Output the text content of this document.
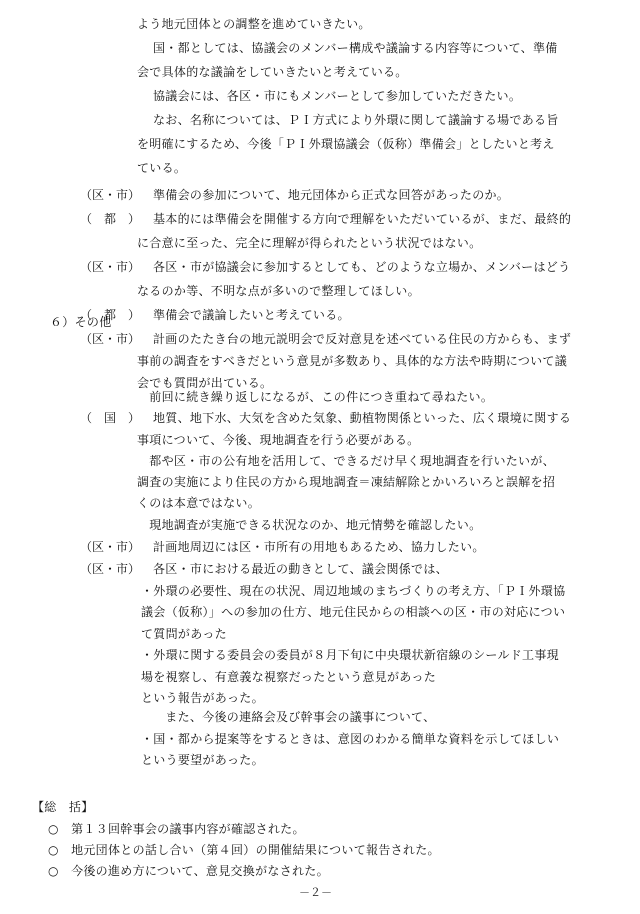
よう地元団体との調整を進めていきたい。
国・都としては、協議会のメンバー構成や議論する内容等について、準備
会で具体的な議論をしていきたいと考えている。
協議会には、各区・市にもメンバーとして参加していただきたい。
なお、名称については、ＰＩ方式により外環に関して議論する場である旨
を明確にするため、今後「ＰＩ外環協議会（仮称）準備会」としたいと考え
ている。
（区・市） 準備会の参加について、地元団体から正式な回答があったのか。
（　都　） 基本的には準備会を開催する方向で理解をいただいているが、まだ、最終的
に合意に至った、完全に理解が得られたという状況ではない。
（区・市） 各区・市が協議会に参加するとしても、どのような立場か、メンバーはどう
なるのか等、不明な点が多いので整理してほしい。
（　都　） 準備会で議論したいと考えている。
６）その他
（区・市） 計画のたたき台の地元説明会で反対意見を述べている住民の方からも、まず
事前の調査をすべきだという意見が多数あり、具体的な方法や時期について議
会でも質問が出ている。
　前回に続き繰り返しになるが、この件につき重ねて尋ねたい。
（　国　） 地質、地下水、大気を含めた気象、動植物関係といった、広く環境に関する
事項について、今後、現地調査を行う必要がある。
　都や区・市の公有地を活用して、できるだけ早く現地調査を行いたいが、
調査の実施により住民の方から現地調査＝凍結解除とかいろいろと誤解を招
くのは本意ではない。
　現地調査が実施できる状況なのか、地元情勢を確認したい。
（区・市） 計画地周辺には区・市所有の用地もあるため、協力したい。
（区・市） 各区・市における最近の動きとして、議会関係では、
・外環の必要性、現在の状況、周辺地域のまちづくりの考え方、「ＰＩ外環協
議会（仮称）」への参加の仕方、地元住民からの相談への区・市の対応につい
て質問があった
・外環に関する委員会の委員が８月下旬に中央環状新宿線のシールド工事現
場を視察し、有意義な視察だったという意見があった
という報告があった。
　また、今後の連絡会及び幹事会の議事について、
・国・都から提案等をするときは、意図のわかる簡単な資料を示してほしい
という要望があった。
【総　括】
○　第１３回幹事会の議事内容が確認された。
○　地元団体との話し合い（第４回）の開催結果について報告された。
○　今後の進め方について、意見交換がなされた。
－２－
